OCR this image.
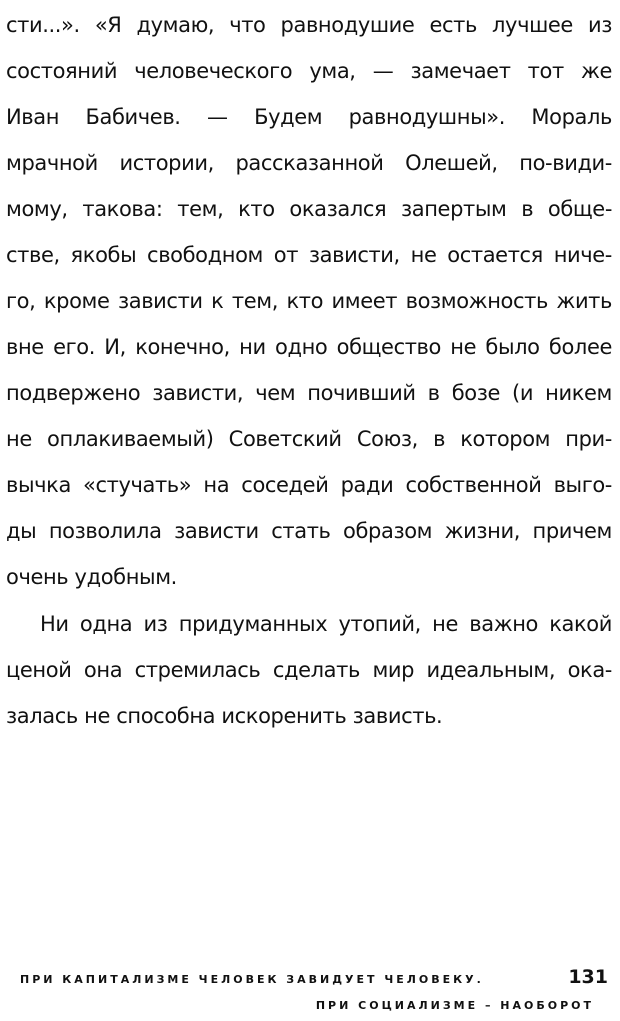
сти...». «Я думаю, что равнодушие есть лучшее из
состояний человеческого ума, — замечает тот же
Иван Бабичев. — Будем равнодушны». Мораль
мрачной истории, рассказанной Олешей, по-види-
мому, такова: тем, кто оказался запертым в обще-
стве, якобы свободном от зависти, не остается ниче-
го, кроме зависти к тем, кто имеет возможность жить
вне его. И, конечно, ни одно общество не было более
подвержено зависти, чем почивший в бозе (и никем
не оплакиваемый) Советский Союз, в котором при-
вычка «стучать» на соседей ради собственной выго-
ды позволила зависти стать образом жизни, причем
очень удобным.
Ни одна из придуманных утопий, не важно какой
ценой она стремилась сделать мир идеальным, ока-
залась не способна искоренить зависть.
ПРИ КАПИТАЛИЗМЕ ЧЕЛОВЕК ЗАВИДУЕТ ЧЕЛОВЕКУ.
ПРИ СОЦИАЛИЗМЕ – НАОБОРОТ
131
